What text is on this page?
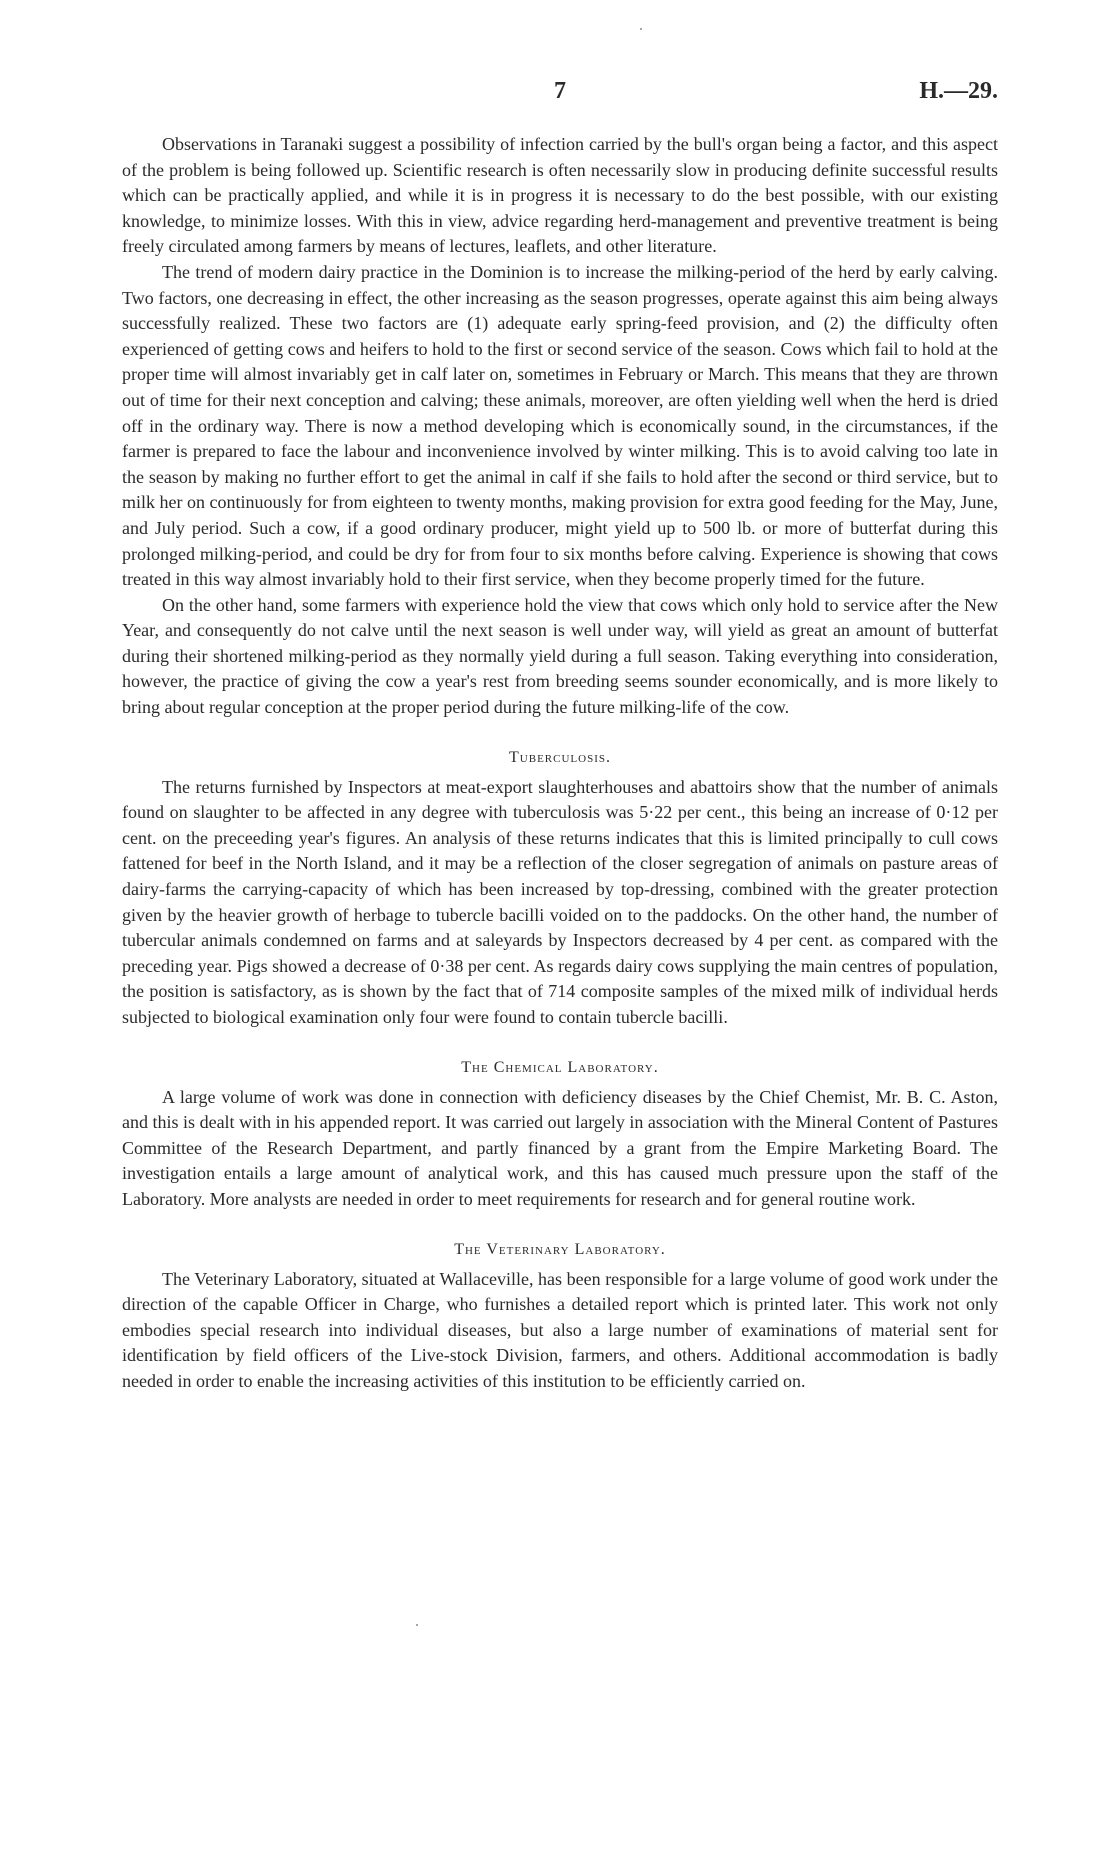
7	H.—29.

Observations in Taranaki suggest a possibility of infection carried by the bull's organ being a factor, and this aspect of the problem is being followed up. Scientific research is often necessarily slow in producing definite successful results which can be practically applied, and while it is in progress it is necessary to do the best possible, with our existing knowledge, to minimize losses. With this in view, advice regarding herd-management and preventive treatment is being freely circulated among farmers by means of lectures, leaflets, and other literature.

The trend of modern dairy practice in the Dominion is to increase the milking-period of the herd by early calving. Two factors, one decreasing in effect, the other increasing as the season progresses, operate against this aim being always successfully realized. These two factors are (1) adequate early spring-feed provision, and (2) the difficulty often experienced of getting cows and heifers to hold to the first or second service of the season. Cows which fail to hold at the proper time will almost invariably get in calf later on, sometimes in February or March. This means that they are thrown out of time for their next conception and calving; these animals, moreover, are often yielding well when the herd is dried off in the ordinary way. There is now a method developing which is economically sound, in the circumstances, if the farmer is prepared to face the labour and inconvenience involved by winter milking. This is to avoid calving too late in the season by making no further effort to get the animal in calf if she fails to hold after the second or third service, but to milk her on continuously for from eighteen to twenty months, making provision for extra good feeding for the May, June, and July period. Such a cow, if a good ordinary producer, might yield up to 500 lb. or more of butterfat during this prolonged milking-period, and could be dry for from four to six months before calving. Experience is showing that cows treated in this way almost invariably hold to their first service, when they become properly timed for the future.

On the other hand, some farmers with experience hold the view that cows which only hold to service after the New Year, and consequently do not calve until the next season is well under way, will yield as great an amount of butterfat during their shortened milking-period as they normally yield during a full season. Taking everything into consideration, however, the practice of giving the cow a year's rest from breeding seems sounder economically, and is more likely to bring about regular conception at the proper period during the future milking-life of the cow.

Tuberculosis.

The returns furnished by Inspectors at meat-export slaughterhouses and abattoirs show that the number of animals found on slaughter to be affected in any degree with tuberculosis was 5·22 per cent., this being an increase of 0·12 per cent. on the preceeding year's figures. An analysis of these returns indicates that this is limited principally to cull cows fattened for beef in the North Island, and it may be a reflection of the closer segregation of animals on pasture areas of dairy-farms the carrying-capacity of which has been increased by top-dressing, combined with the greater protection given by the heavier growth of herbage to tubercle bacilli voided on to the paddocks. On the other hand, the number of tubercular animals condemned on farms and at saleyards by Inspectors decreased by 4 per cent. as compared with the preceding year. Pigs showed a decrease of 0·38 per cent. As regards dairy cows supplying the main centres of population, the position is satisfactory, as is shown by the fact that of 714 composite samples of the mixed milk of individual herds subjected to biological examination only four were found to contain tubercle bacilli.

The Chemical Laboratory.

A large volume of work was done in connection with deficiency diseases by the Chief Chemist, Mr. B. C. Aston, and this is dealt with in his appended report. It was carried out largely in association with the Mineral Content of Pastures Committee of the Research Department, and partly financed by a grant from the Empire Marketing Board. The investigation entails a large amount of analytical work, and this has caused much pressure upon the staff of the Laboratory. More analysts are needed in order to meet requirements for research and for general routine work.

The Veterinary Laboratory.

The Veterinary Laboratory, situated at Wallaceville, has been responsible for a large volume of good work under the direction of the capable Officer in Charge, who furnishes a detailed report which is printed later. This work not only embodies special research into individual diseases, but also a large number of examinations of material sent for identification by field officers of the Live-stock Division, farmers, and others. Additional accommodation is badly needed in order to enable the increasing activities of this institution to be efficiently carried on.
